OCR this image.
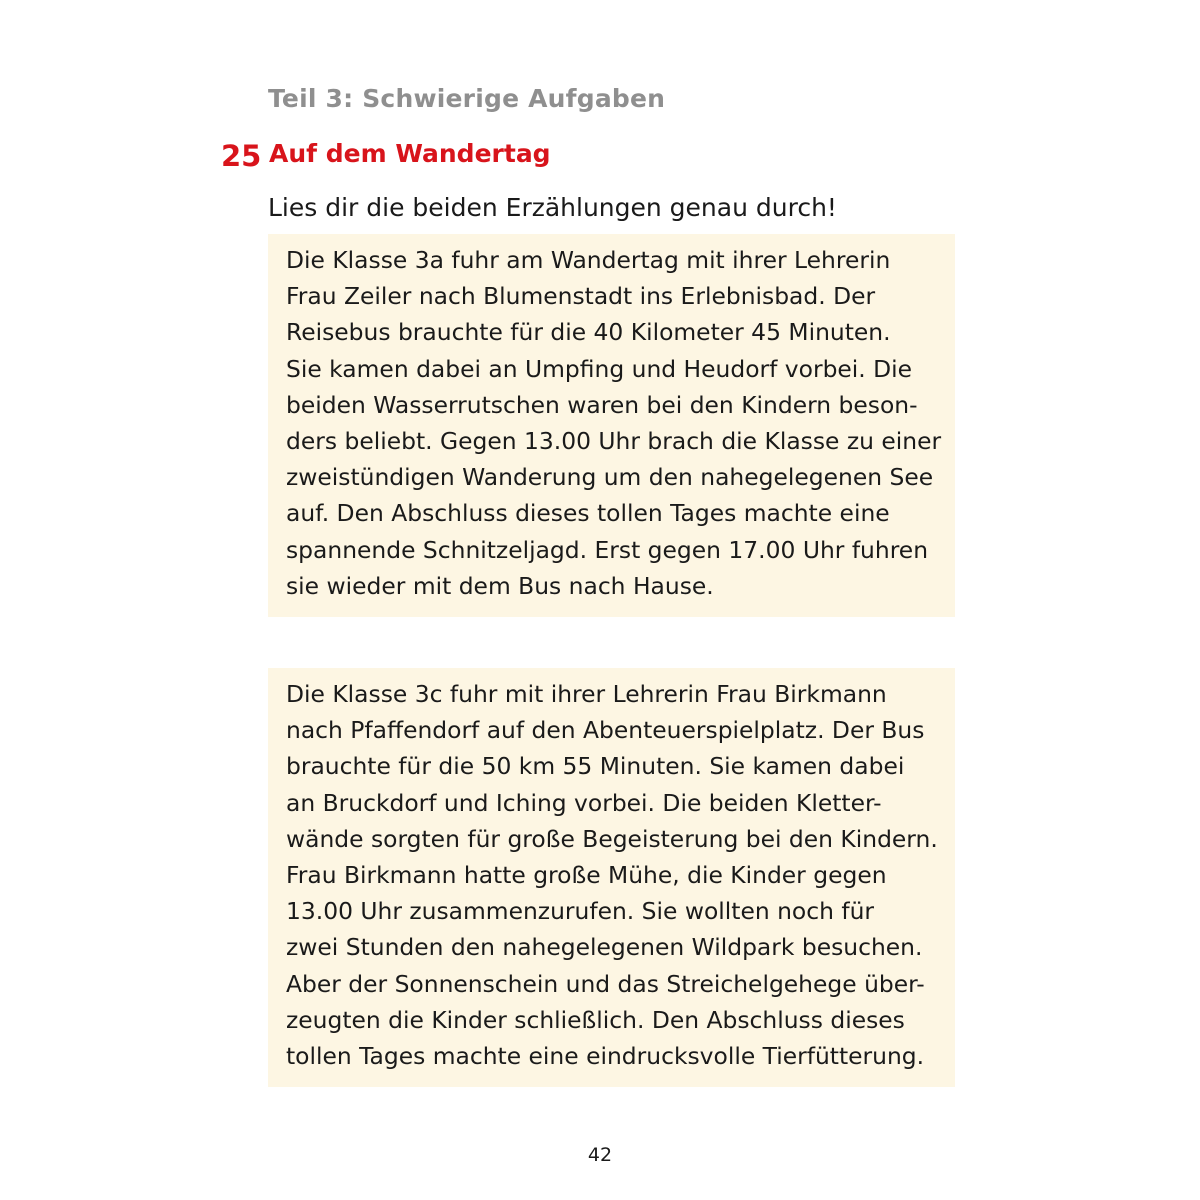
Teil 3: Schwierige Aufgaben
25 Auf dem Wandertag
Lies dir die beiden Erzählungen genau durch!
Die Klasse 3a fuhr am Wandertag mit ihrer Lehrerin
Frau Zeiler nach Blumenstadt ins Erlebnisbad. Der
Reisebus brauchte für die 40 Kilometer 45 Minuten.
Sie kamen dabei an Umpfing und Heudorf vorbei. Die
beiden Wasserrutschen waren bei den Kindern beson-
ders beliebt. Gegen 13.00 Uhr brach die Klasse zu einer
zweistündigen Wanderung um den nahegelegenen See
auf. Den Abschluss dieses tollen Tages machte eine
spannende Schnitzeljagd. Erst gegen 17.00 Uhr fuhren
sie wieder mit dem Bus nach Hause.
Die Klasse 3c fuhr mit ihrer Lehrerin Frau Birkmann
nach Pfaffendorf auf den Abenteuerspielplatz. Der Bus
brauchte für die 50 km 55 Minuten. Sie kamen dabei
an Bruckdorf und Iching vorbei. Die beiden Kletter-
wände sorgten für große Begeisterung bei den Kindern.
Frau Birkmann hatte große Mühe, die Kinder gegen
13.00 Uhr zusammenzurufen. Sie wollten noch für
zwei Stunden den nahegelegenen Wildpark besuchen.
Aber der Sonnenschein und das Streichelgehege über-
zeugten die Kinder schließlich. Den Abschluss dieses
tollen Tages machte eine eindrucksvolle Tierfütterung.
42
